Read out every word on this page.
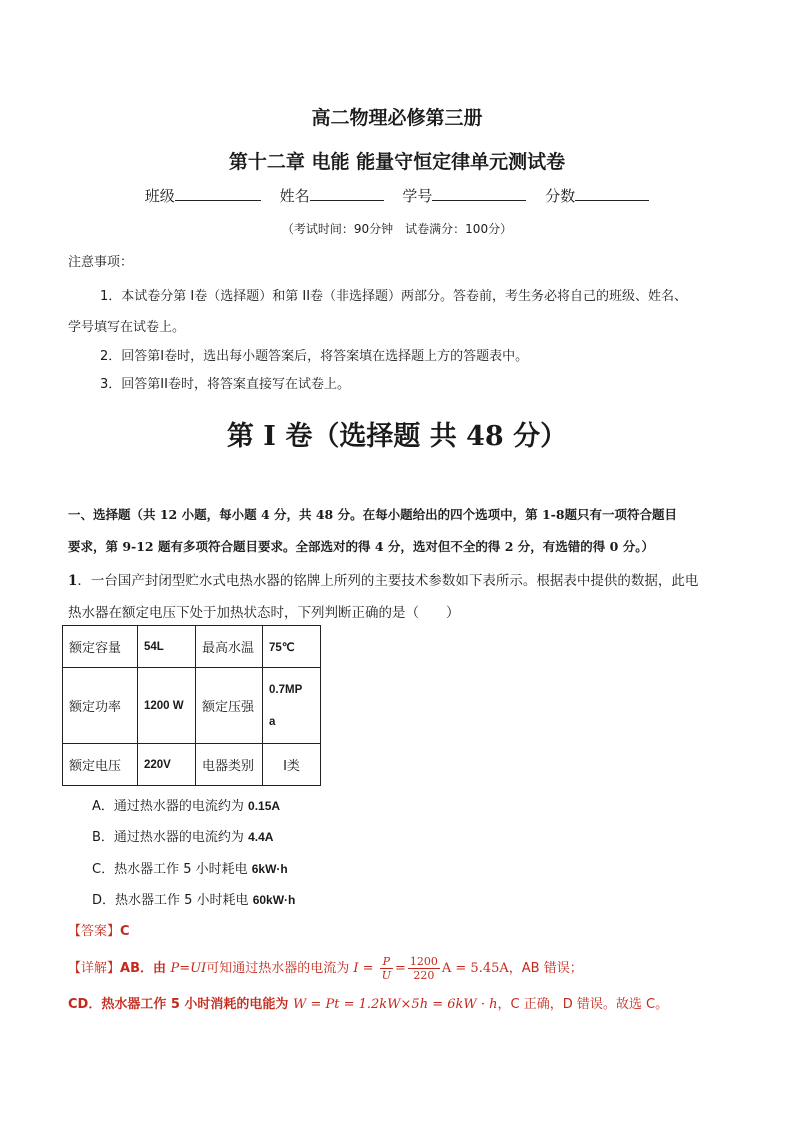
高二物理必修第三册
第十二章 电能 能量守恒定律单元测试卷
班级	姓名	学号	分数
（考试时间：90分钟　试卷满分：100分）
注意事项：
1．本试卷分第 I卷（选择题）和第 II卷（非选择题）两部分。答卷前，考生务必将自己的班级、姓名、
学号填写在试卷上。
2．回答第I卷时，选出每小题答案后，将答案填在选择题上方的答题表中。
3．回答第II卷时，将答案直接写在试卷上。
第 I 卷（选择题 共 48 分）
一、选择题（共 12 小题，每小题 4 分，共 48 分。在每小题给出的四个选项中，第 1-8题只有一项符合题目
要求，第 9-12 题有多项符合题目要求。全部选对的得 4 分，选对但不全的得 2 分，有选错的得 0 分。）
1．一台国产封闭型贮水式电热水器的铭牌上所列的主要技术参数如下表所示。根据表中提供的数据，此电
热水器在额定电压下处于加热状态时，下列判断正确的是（　　）
额定容量	54L	最高水温	75℃
额定功率	1200 W	额定压强	0.7MP
a
额定电压	220V	电器类别	Ⅰ类
A．通过热水器的电流约为 0.15A
B．通过热水器的电流约为 4.4A
C．热水器工作 5 小时耗电 6kW·h
D．热水器工作 5 小时耗电 60kW·h
【答案】C
【详解】AB．由 P=UI可知通过热水器的电流为 $I = \frac{P}{U} = \frac{1200}{220}$ A = 5.45A，AB 错误；
CD．热水器工作 5 小时消耗的电能为 W = Pt = 1.2kW×5h = 6kW · h，C 正确，D 错误。故选 C。
